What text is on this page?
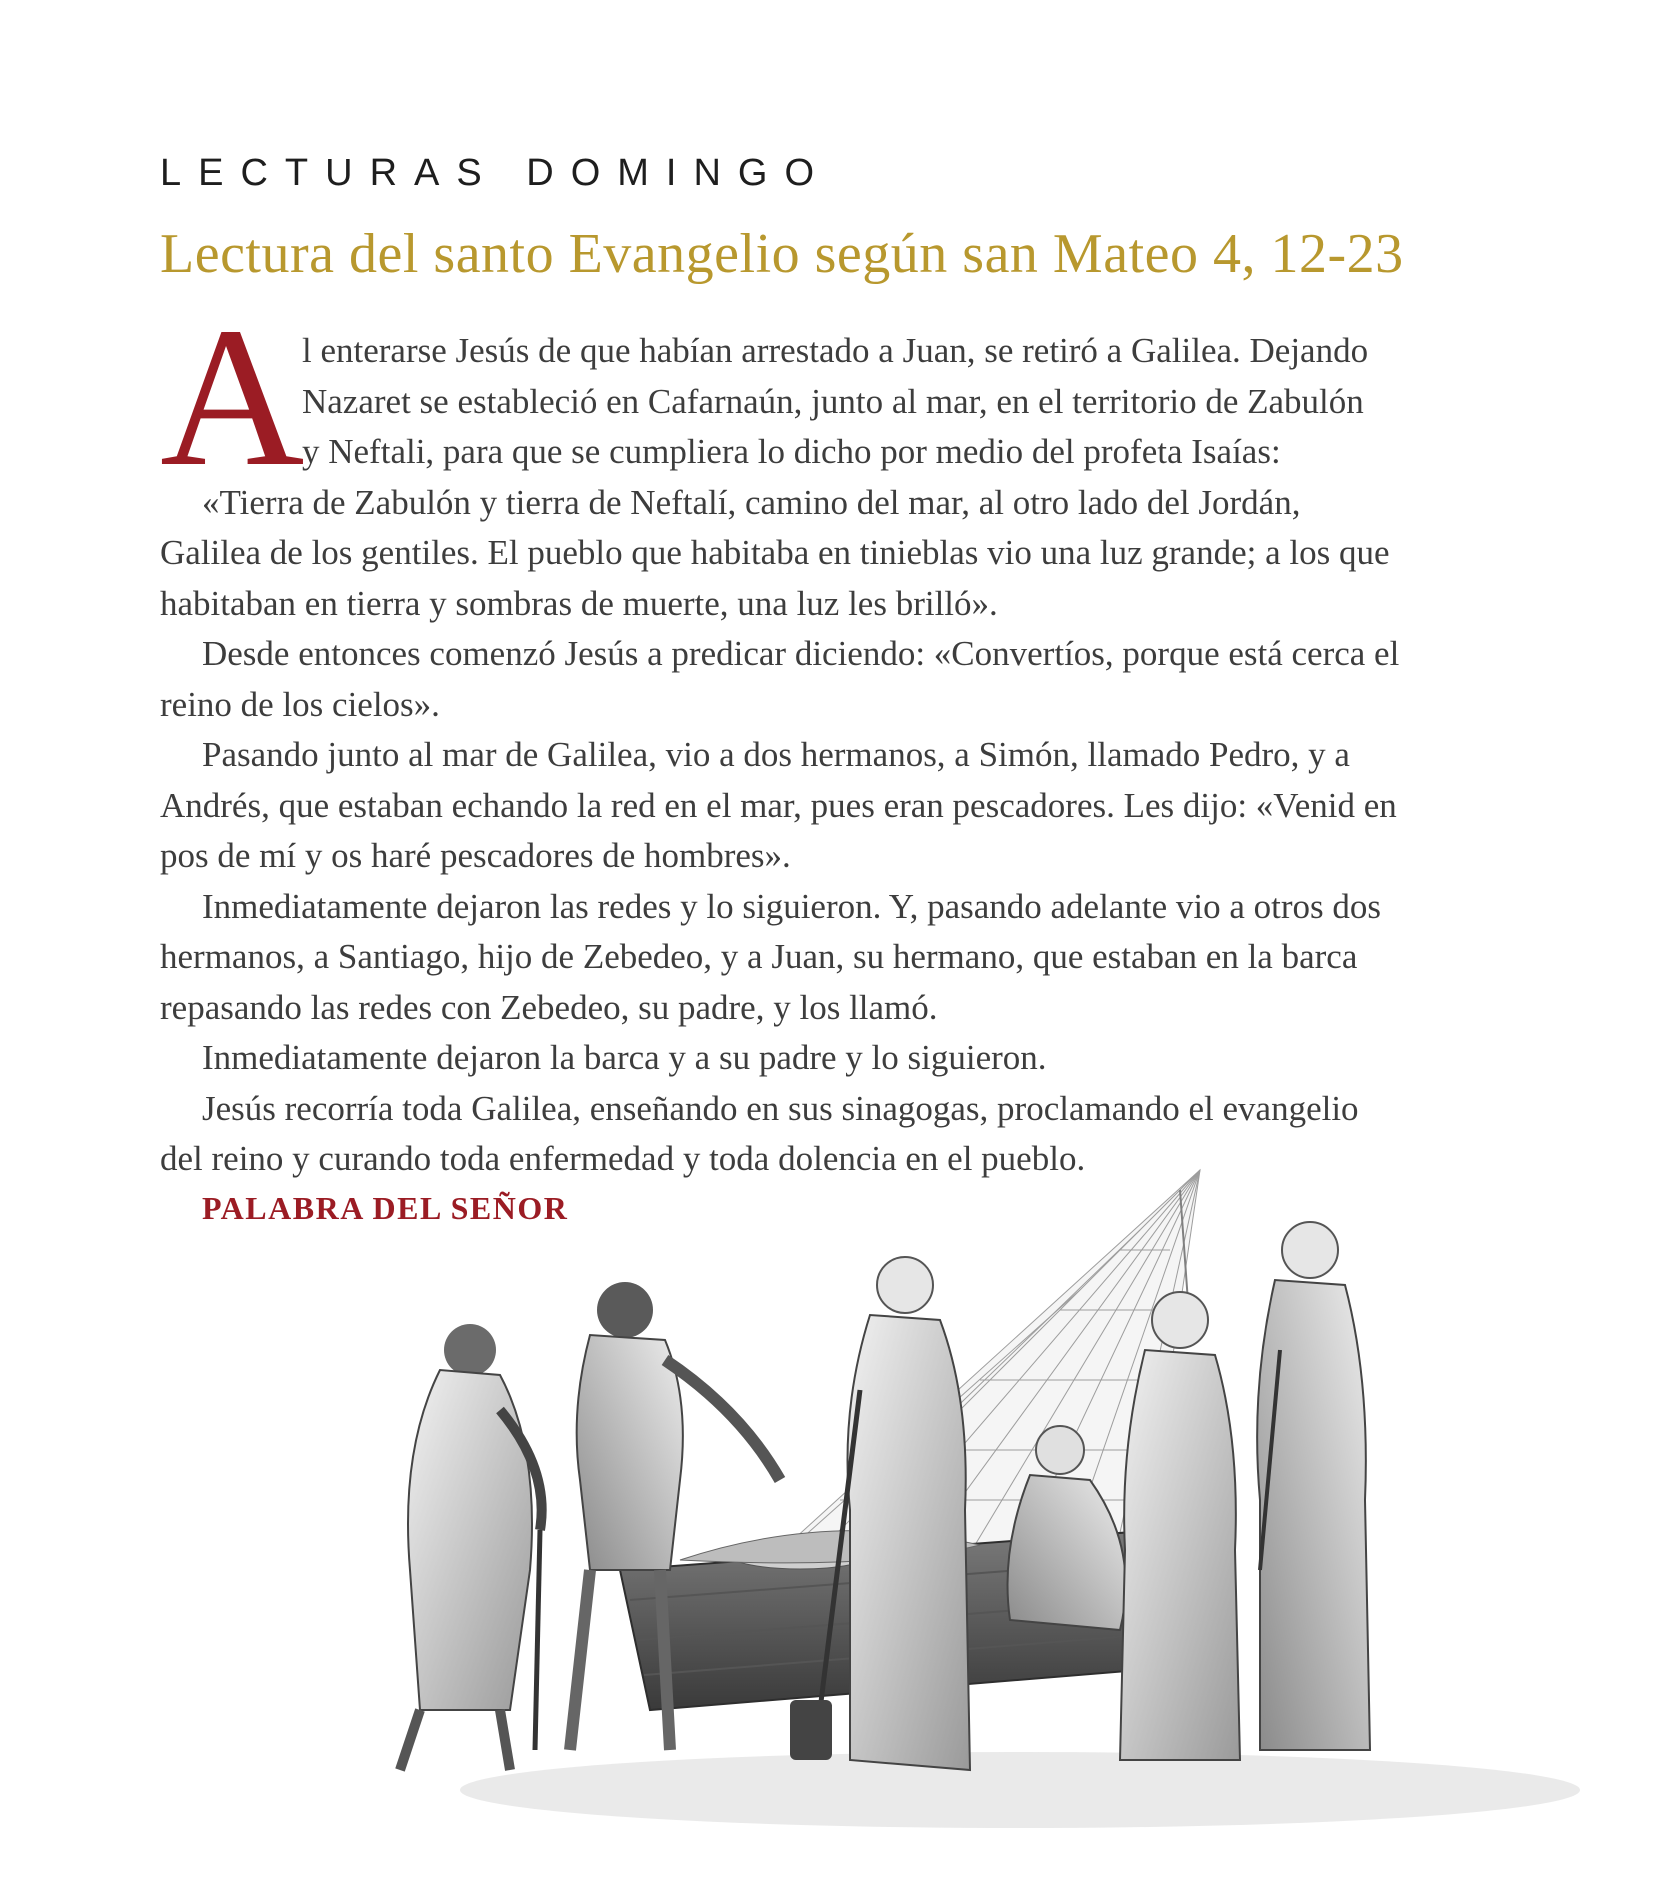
LECTURAS DOMINGO
Lectura del santo Evangelio según san Mateo 4, 12-23
A
l enterarse Jesús de que habían arrestado a Juan, se retiró a Galilea. Dejando
Nazaret se estableció en Cafarnaún, junto al mar, en el territorio de Zabulón
y Neftali, para que se cumpliera lo dicho por medio del profeta Isaías:
«Tierra de Zabulón y tierra de Neftalí, camino del mar, al otro lado del Jordán,
Galilea de los gentiles. El pueblo que habitaba en tinieblas vio una luz grande; a los que
habitaban en tierra y sombras de muerte, una luz les brilló».
Desde entonces comenzó Jesús a predicar diciendo: «Convertíos, porque está cerca el
reino de los cielos».
Pasando junto al mar de Galilea, vio a dos hermanos, a Simón, llamado Pedro, y a
Andrés, que estaban echando la red en el mar, pues eran pescadores. Les dijo: «Venid en
pos de mí y os haré pescadores de hombres».
Inmediatamente dejaron las redes y lo siguieron. Y, pasando adelante vio a otros dos
hermanos, a Santiago, hijo de Zebedeo, y a Juan, su hermano, que estaban en la barca
repasando las redes con Zebedeo, su padre, y los llamó.
Inmediatamente dejaron la barca y a su padre y lo siguieron.
Jesús recorría toda Galilea, enseñando en sus sinagogas, proclamando el evangelio
del reino y curando toda enfermedad y toda dolencia en el pueblo.
PALABRA DEL SEÑOR
